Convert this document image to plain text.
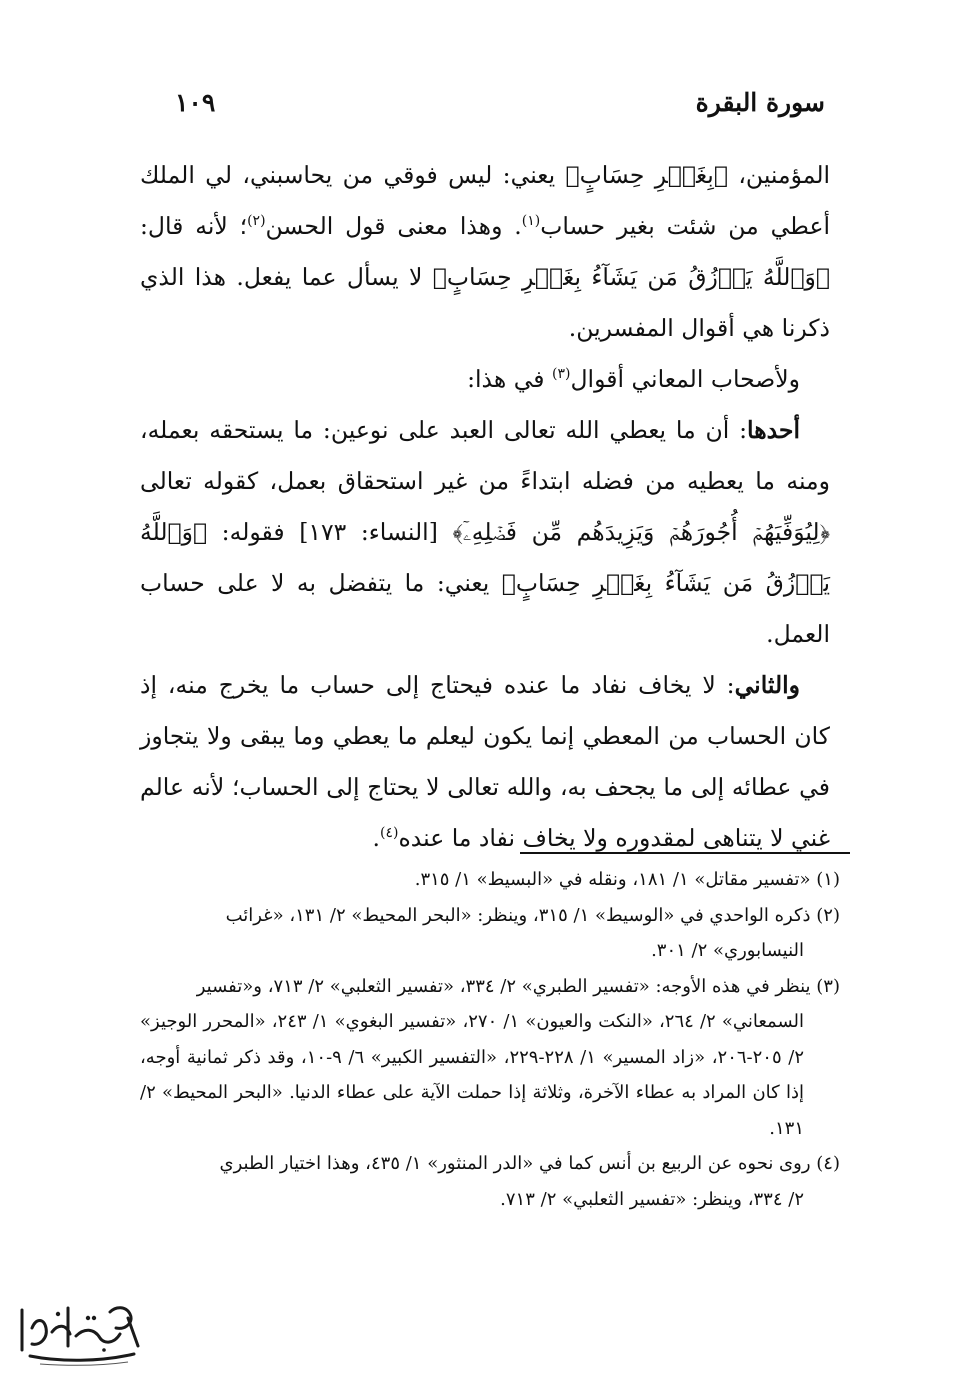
سورة البقرة
١٠٩

المؤمنين، ﴿بِغَيۡرِ حِسَابٍ﴾ يعني: ليس فوقي من يحاسبني، لي الملك أعطي من شئت بغير حساب$^{(١)}$. وهذا معنى قول الحسن$^{(٢)}$؛ لأنه قال: ﴿وَٱللَّهُ يَرۡزُقُ مَن يَشَآءُ بِغَيۡرِ حِسَابٍ﴾ لا يسأل عما يفعل. هذا الذي ذكرنا هي أقوال المفسرين.

ولأصحاب المعاني أقوال$^{(٣)}$ في هذا:

أحدها: أن ما يعطي الله تعالى العبد على نوعين: ما يستحقه بعمله، ومنه ما يعطيه من فضله ابتداءً من غير استحقاق بعمل، كقوله تعالى ﴿لِيُوَفِّيَهُمۡ أُجُورَهُمۡ وَيَزِيدَهُم مِّن فَضۡلِهِۦٓ﴾ [النساء: ١٧٣] فقوله: ﴿وَٱللَّهُ يَرۡزُقُ مَن يَشَآءُ بِغَيۡرِ حِسَابٍ﴾ يعني: ما يتفضل به لا على حساب العمل.

والثاني: لا يخاف نفاد ما عنده فيحتاج إلى حساب ما يخرج منه، إذ كان الحساب من المعطي إنما يكون ليعلم ما يعطي وما يبقى ولا يتجاوز في عطائه إلى ما يجحف به، والله تعالى لا يحتاج إلى الحساب؛ لأنه عالم غني لا يتناهى لمقدوره ولا يخاف نفاد ما عنده$^{(٤)}$.

(١) «تفسير مقاتل» ١/ ١٨١، ونقله في «البسيط» ١/ ٣١٥.

(٢) ذكره الواحدي في «الوسيط» ١/ ٣١٥، وينظر: «البحر المحيط» ٢/ ١٣١، «غرائب

النيسابوري» ٢/ ٣٠١.

(٣) ينظر في هذه الأوجه: «تفسير الطبري» ٢/ ٣٣٤، «تفسير الثعلبي» ٢/ ٧١٣، و«تفسير

السمعاني» ٢/ ٢٦٤، «النكت والعيون» ١/ ٢٧٠، «تفسير البغوي» ١/ ٢٤٣، «المحرر الوجيز» ٢/ ٢٠٥-٢٠٦، «زاد المسير» ١/ ٢٢٨-٢٢٩، «التفسير الكبير» ٦/ ٩-١٠، وقد ذكر ثمانية أوجه، إذا كان المراد به عطاء الآخرة، وثلاثة إذا حملت الآية على عطاء الدنيا. «البحر المحيط» ٢/ ١٣١.

(٤) روى نحوه عن الربيع بن أنس كما في «الدر المنثور» ١/ ٤٣٥، وهذا اختيار الطبري

٢/ ٣٣٤، وينظر: «تفسير الثعلبي» ٢/ ٧١٣.
